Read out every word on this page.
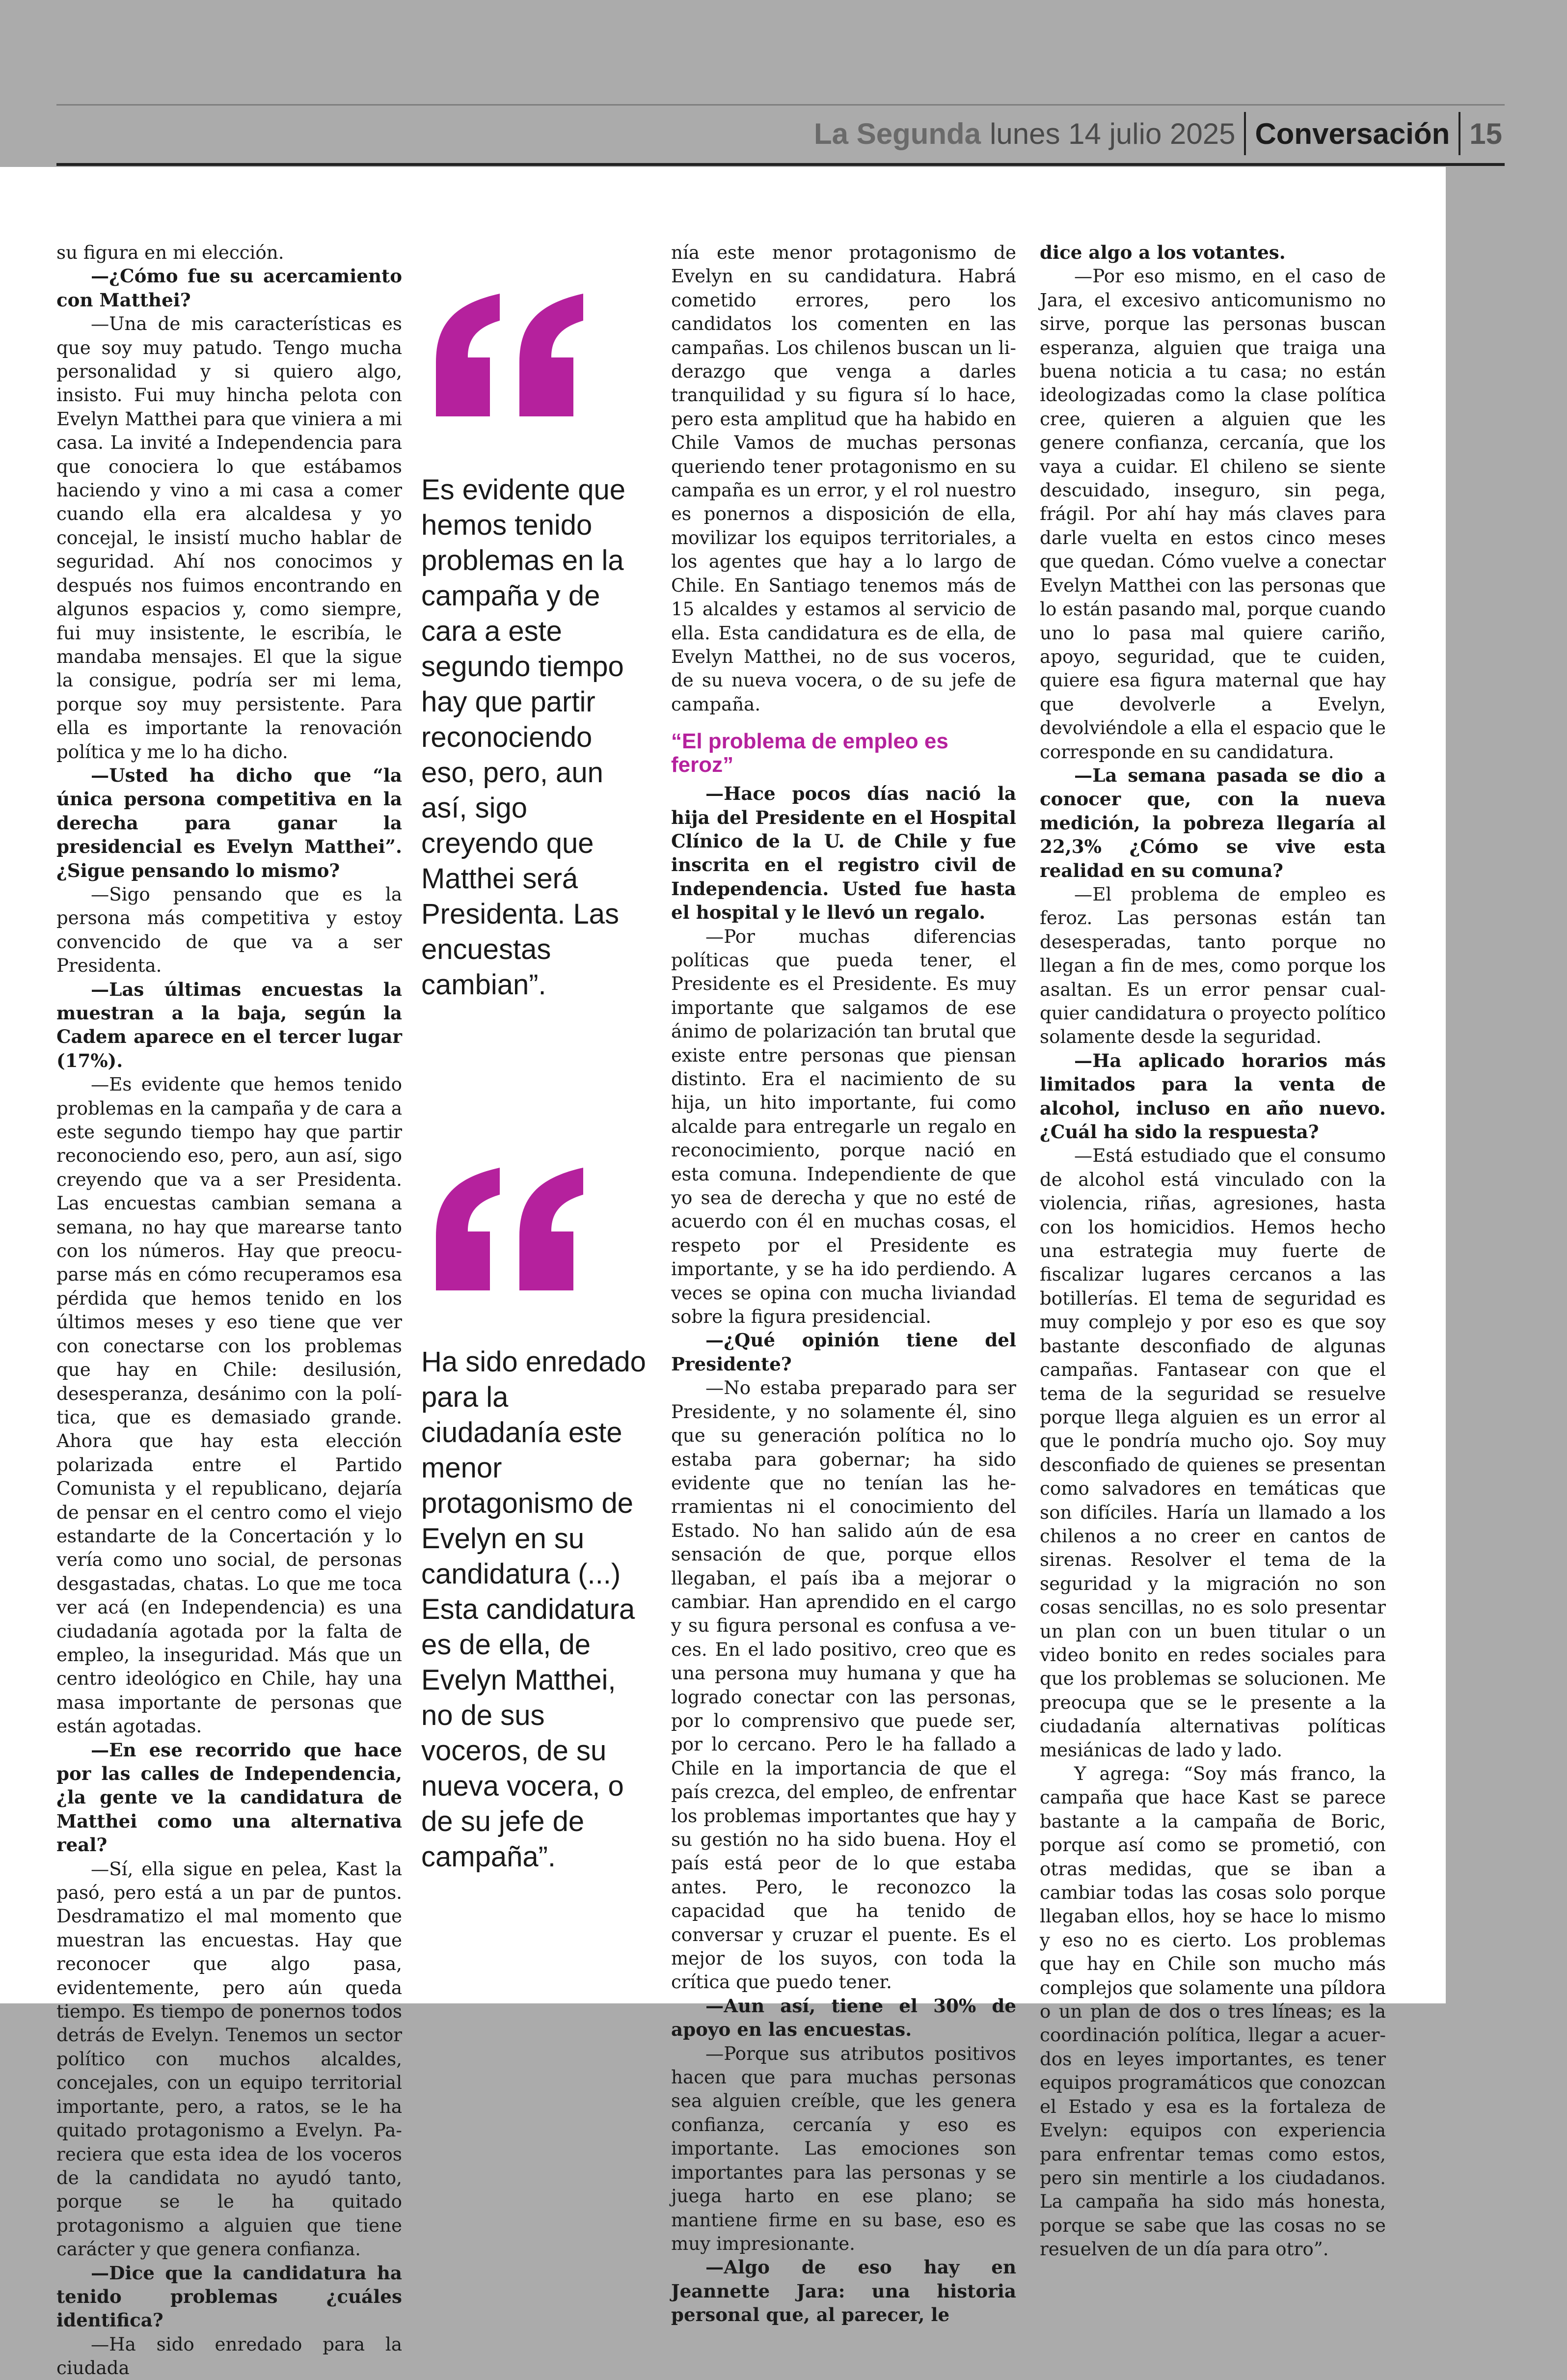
La Segunda lunes 14 julio 2025 Conversación 15

su figura en mi elección.

—¿Cómo fue su acercamiento con Matthei?

—Una de mis características es que soy muy patudo. Tengo mucha personalidad y si quiero algo, insisto. Fui muy hincha pelota con Evelyn Matthei para que viniera a mi casa. La invité a Independencia para que conociera lo que estábamos haciendo y vino a mi casa a comer cuando ella era alcaldesa y yo concejal, le insistí mucho hablar de seguridad. Ahí nos conocimos y después nos fuimos encontrando en algunos espacios y, como siempre, fui muy insistente, le escribía, le mandaba mensajes. El que la sigue la consigue, podría ser mi lema, porque soy muy persistente. Para ella es importante la renovación política y me lo ha dicho.

—Usted ha dicho que “la única persona competitiva en la derecha para ganar la presidencial es Evelyn Matthei”. ¿Sigue pensando lo mismo?

—Sigo pensando que es la persona más competitiva y estoy convencido de que va a ser Presidenta.

—Las últimas encuestas la muestran a la baja, según la Cadem aparece en el tercer lugar (17%).

—Es evidente que hemos tenido problemas en la campaña y de cara a este segundo tiempo hay que partir reconociendo eso, pero, aun así, sigo creyendo que va a ser Presidenta. Las encuestas cambian semana a semana, no hay que marearse tanto con los números. Hay que preocuparse más en cómo recuperamos esa pérdida que hemos tenido en los últimos meses y eso tiene que ver con conectarse con los problemas que hay en Chile: desilusión, desesperanza, desánimo con la política, que es demasiado grande. Ahora que hay esta elección polarizada entre el Partido Comunista y el republicano, dejaría de pensar en el centro como el viejo estandarte de la Concertación y lo vería como uno social, de personas desgastadas, chatas. Lo que me toca ver acá (en Independencia) es una ciudadanía agotada por la falta de empleo, la inseguridad. Más que un centro ideológico en Chile, hay una masa importante de personas que están agotadas.

—En ese recorrido que hace por las calles de Independencia, ¿la gente ve la candidatura de Matthei como una alternativa real?

—Sí, ella sigue en pelea, Kast la pasó, pero está a un par de puntos. Desdramatizo el mal momento que muestran las encuestas. Hay que reconocer que algo pasa, evidentemente, pero aún queda tiempo. Es tiempo de ponernos todos detrás de Evelyn. Tenemos un sector político con muchos alcaldes, concejales, con un equipo territorial importante, pero, a ratos, se le ha quitado protagonismo a Evelyn. Pareciera que esta idea de los voceros de la candidata no ayudó tanto, porque se le ha quitado protagonismo a alguien que tiene carácter y que genera confianza.

—Dice que la candidatura ha tenido problemas ¿cuáles identifica?

—Ha sido enredado para la ciudada

nía este menor protagonismo de Evelyn en su candidatura. Habrá cometido errores, pero los candidatos los comenten en las campañas. Los chilenos buscan un liderazgo que venga a darles tranquilidad y su figura sí lo hace, pero esta amplitud que ha habido en Chile Vamos de muchas personas queriendo tener protagonismo en su campaña es un error, y el rol nuestro es ponernos a disposición de ella, movilizar los equipos territoriales, a los agentes que hay a lo largo de Chile. En Santiago tenemos más de 15 alcaldes y estamos al servicio de ella. Esta candidatura es de ella, de Evelyn Matthei, no de sus voceros, de su nueva vocera, o de su jefe de campaña.

“El problema de empleo es feroz”

—Hace pocos días nació la hija del Presidente en el Hospital Clínico de la U. de Chile y fue inscrita en el registro civil de Independencia. Usted fue hasta el hospital y le llevó un regalo.

—Por muchas diferencias políticas que pueda tener, el Presidente es el Presidente. Es muy importante que salgamos de ese ánimo de polarización tan brutal que existe entre personas que piensan distinto. Era el nacimiento de su hija, un hito importante, fui como alcalde para entregarle un regalo en reconocimiento, porque nació en esta comuna. Independiente de que yo sea de derecha y que no esté de acuerdo con él en muchas cosas, el respeto por el Presidente es importante, y se ha ido perdiendo. A veces se opina con mucha liviandad sobre la figura presidencial.

—¿Qué opinión tiene del Presidente?

—No estaba preparado para ser Presidente, y no solamente él, sino que su generación política no lo estaba para gobernar; ha sido evidente que no tenían las herramientas ni el conocimiento del Estado. No han salido aún de esa sensación de que, porque ellos llegaban, el país iba a mejorar o cambiar. Han aprendido en el cargo y su figura personal es confusa a veces. En el lado positivo, creo que es una persona muy humana y que ha logrado conectar con las personas, por lo comprensivo que puede ser, por lo cercano. Pero le ha fallado a Chile en la importancia de que el país crezca, del empleo, de enfrentar los problemas importantes que hay y su gestión no ha sido buena. Hoy el país está peor de lo que estaba antes. Pero, le reconozco la capacidad que ha tenido de conversar y cruzar el puente. Es el mejor de los suyos, con toda la crítica que puedo tener.

—Aun así, tiene el 30% de apoyo en las encuestas.

—Porque sus atributos positivos hacen que para muchas personas sea alguien creíble, que les genera confianza, cercanía y eso es importante. Las emociones son importantes para las personas y se juega harto en ese plano; se mantiene firme en su base, eso es muy impresionante.

—Algo de eso hay en Jeannette Jara: una historia personal que, al parecer, le

dice algo a los votantes.

—Por eso mismo, en el caso de Jara, el excesivo anticomunismo no sirve, porque las personas buscan esperanza, alguien que traiga una buena noticia a tu casa; no están ideologizadas como la clase política cree, quieren a alguien que les genere confianza, cercanía, que los vaya a cuidar. El chileno se siente descuidado, inseguro, sin pega, frágil. Por ahí hay más claves para darle vuelta en estos cinco meses que quedan. Cómo vuelve a conectar Evelyn Matthei con las personas que lo están pasando mal, porque cuando uno lo pasa mal quiere cariño, apoyo, seguridad, que te cuiden, quiere esa figura maternal que hay que devolverle a Evelyn, devolviéndole a ella el espacio que le corresponde en su candidatura.

—La semana pasada se dio a conocer que, con la nueva medición, la pobreza llegaría al 22,3% ¿Cómo se vive esta realidad en su comuna?

—El problema de empleo es feroz. Las personas están tan desesperadas, tanto porque no llegan a fin de mes, como porque los asaltan. Es un error pensar cualquier candidatura o proyecto político solamente desde la seguridad.

—Ha aplicado horarios más limitados para la venta de alcohol, incluso en año nuevo. ¿Cuál ha sido la respuesta?

—Está estudiado que el consumo de alcohol está vinculado con la violencia, riñas, agresiones, hasta con los homicidios. Hemos hecho una estrategia muy fuerte de fiscalizar lugares cercanos a las botillerías. El tema de seguridad es muy complejo y por eso es que soy bastante desconfiado de algunas campañas. Fantasear con que el tema de la seguridad se resuelve porque llega alguien es un error al que le pondría mucho ojo. Soy muy desconfiado de quienes se presentan como salvadores en temáticas que son difíciles. Haría un llamado a los chilenos a no creer en cantos de sirenas. Resolver el tema de la seguridad y la migración no son cosas sencillas, no es solo presentar un plan con un buen titular o un video bonito en redes sociales para que los problemas se solucionen. Me preocupa que se le presente a la ciudadanía alternativas políticas mesiánicas de lado y lado.

Y agrega: “Soy más franco, la campaña que hace Kast se parece bastante a la campaña de Boric, porque así como se prometió, con otras medidas, que se iban a cambiar todas las cosas solo porque llegaban ellos, hoy se hace lo mismo y eso no es cierto. Los problemas que hay en Chile son mucho más complejos que solamente una píldora o un plan de dos o tres líneas; es la coordinación política, llegar a acuerdos en leyes importantes, es tener equipos programáticos que conozcan el Estado y esa es la fortaleza de Evelyn: equipos con experiencia para enfrentar temas como estos, pero sin mentirle a los ciudadanos. La campaña ha sido más honesta, porque se sabe que las cosas no se resuelven de un día para otro”.

Es evidente que hemos tenido problemas en la campaña y de cara a este segundo tiempo hay que partir reconociendo eso, pero, aun así, sigo creyendo que Matthei será Presidenta. Las encuestas cambian”.
Ha sido enredado para la ciudadanía este menor protagonismo de Evelyn en su candidatura (...) Esta candidatura es de ella, de Evelyn Matthei, no de sus voceros, de su nueva vocera, o de su jefe de campaña”.
